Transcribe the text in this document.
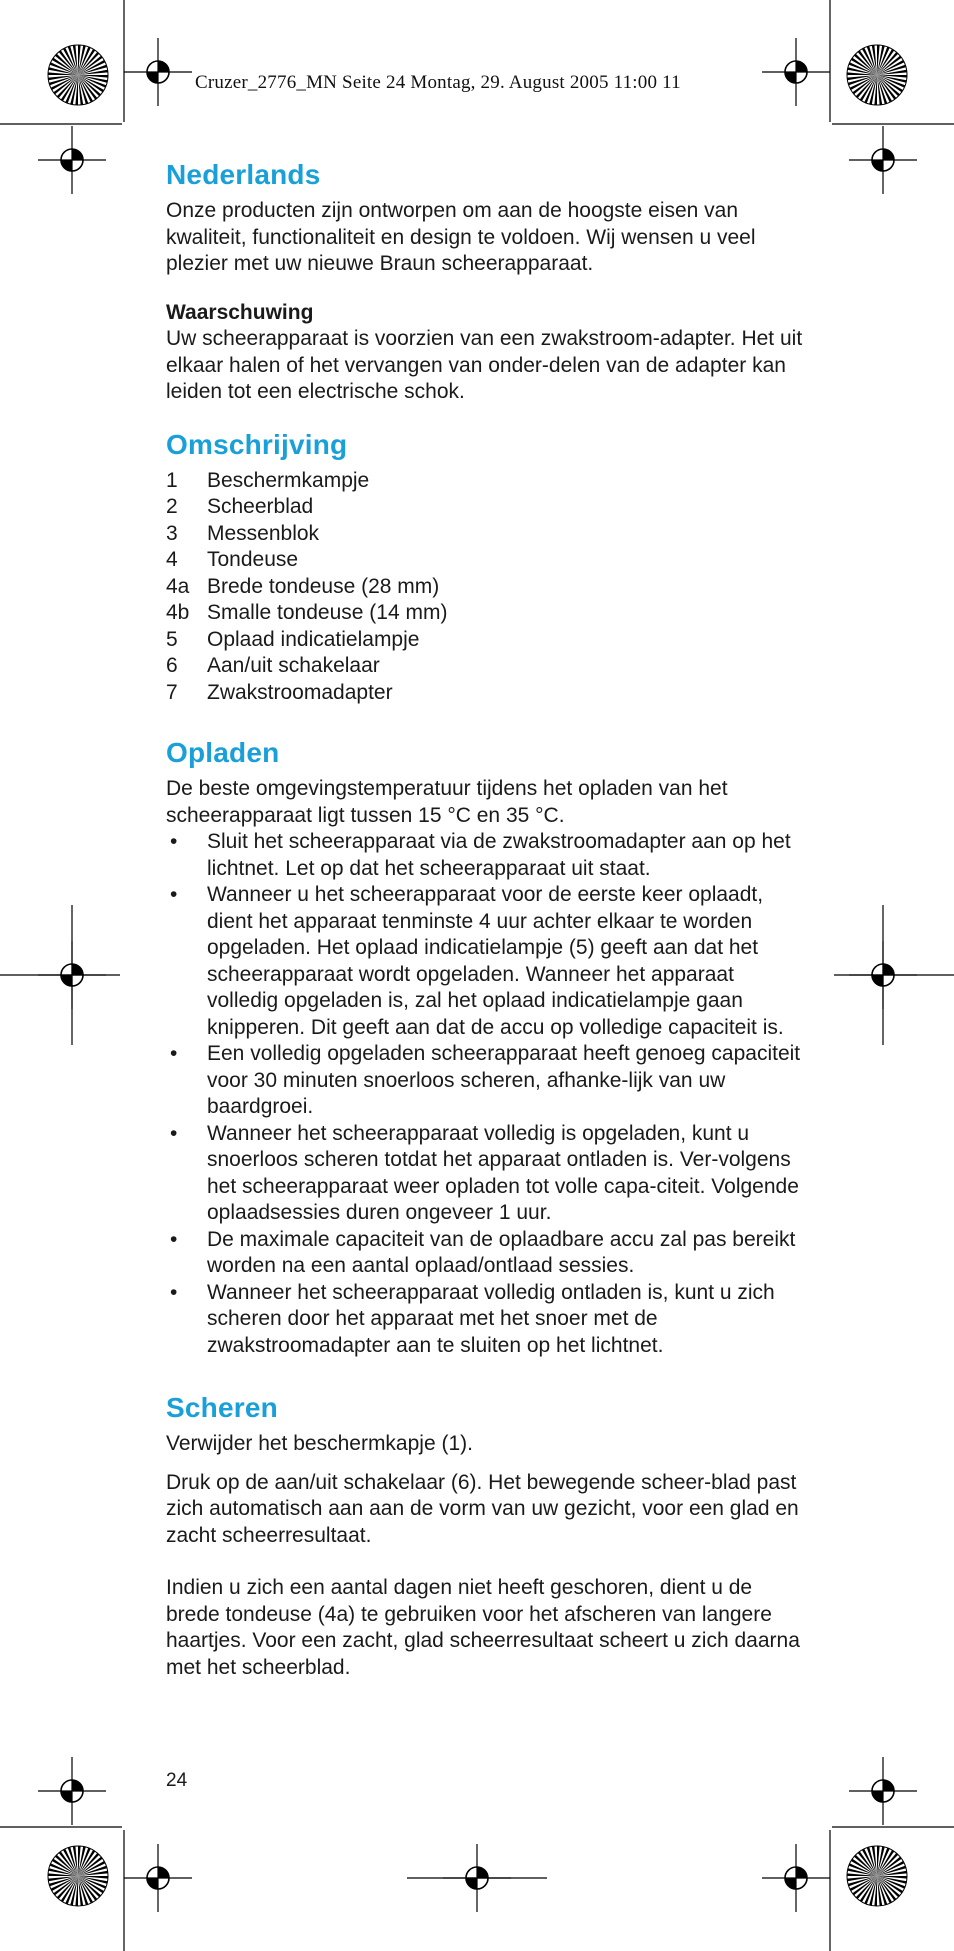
Cruzer_2776_MN Seite 24 Montag, 29. August 2005 11:00 11
Nederlands

Onze producten zijn ontworpen om aan de hoogste eisen van kwaliteit, functionaliteit en design te voldoen. Wij wensen u veel plezier met uw nieuwe Braun scheerapparaat.

Waarschuwing

Uw scheerapparaat is voorzien van een zwakstroom-adapter. Het uit elkaar halen of het vervangen van onder-delen van de adapter kan leiden tot een electrische schok.

Omschrijving
1	Beschermkampje
2	Scheerblad
3	Messenblok
4	Tondeuse
4a Brede tondeuse (28 mm)
4b Smalle tondeuse (14 mm)
5	Oplaad indicatielampje
6	Aan/uit schakelaar
7	Zwakstroomadapter
Opladen

De beste omgevingstemperatuur tijdens het opladen van het scheerapparaat ligt tussen 15 °C en 35 °C.

•	Sluit het scheerapparaat via de zwakstroomadapter aan op het lichtnet. Let op dat het scheerapparaat uit staat.
•	Wanneer u het scheerapparaat voor de eerste keer oplaadt, dient het apparaat tenminste 4 uur achter elkaar te worden opgeladen. Het oplaad indicatielampje (5) geeft aan dat het scheerapparaat wordt opgeladen. Wanneer het apparaat volledig opgeladen is, zal het oplaad indicatielampje gaan knipperen. Dit geeft aan dat de accu op volledige capaciteit is.
•	Een volledig opgeladen scheerapparaat heeft genoeg capaciteit voor 30 minuten snoerloos scheren, afhanke-lijk van uw baardgroei.
•	Wanneer het scheerapparaat volledig is opgeladen, kunt u snoerloos scheren totdat het apparaat ontladen is. Ver-volgens het scheerapparaat weer opladen tot volle capa-citeit. Volgende oplaadsessies duren ongeveer 1 uur.
•	De maximale capaciteit van de oplaadbare accu zal pas bereikt worden na een aantal oplaad/ontlaad sessies.
•	Wanneer het scheerapparaat volledig ontladen is, kunt u zich scheren door het apparaat met het snoer met de zwakstroomadapter aan te sluiten op het lichtnet.
Scheren

Verwijder het beschermkapje (1).

Druk op de aan/uit schakelaar (6). Het bewegende scheer-blad past zich automatisch aan aan de vorm van uw gezicht, voor een glad en zacht scheerresultaat.

Indien u zich een aantal dagen niet heeft geschoren, dient u de brede tondeuse (4a) te gebruiken voor het afscheren van langere haartjes. Voor een zacht, glad scheerresultaat scheert u zich daarna met het scheerblad.

24
